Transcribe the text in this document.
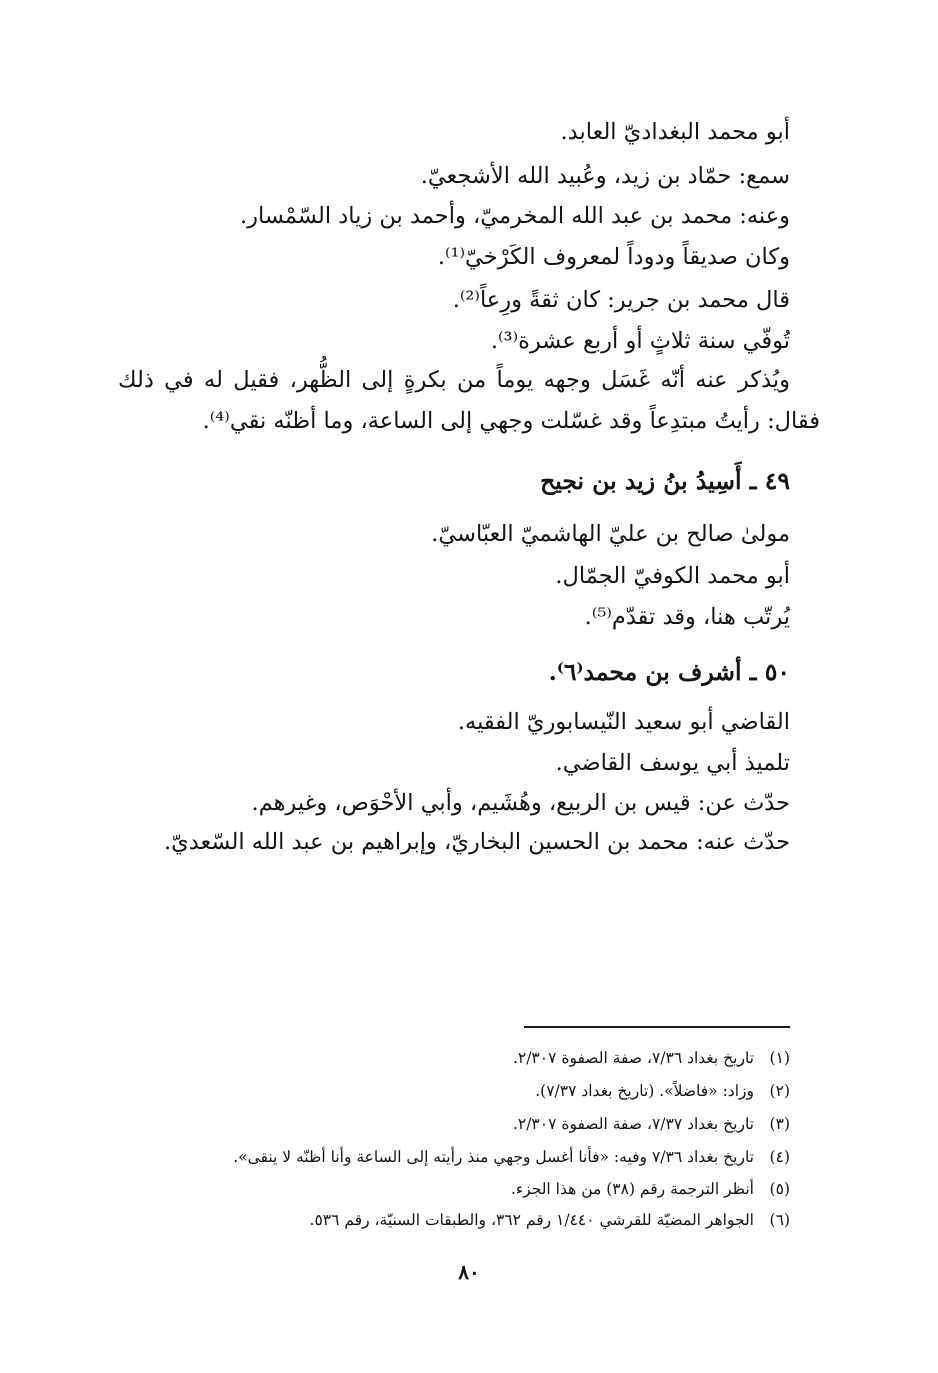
أبو محمد البغداديّ العابد.
سمع: حمّاد بن زيد، وعُبيد الله الأشجعيّ.
وعنه: محمد بن عبد الله المخرميّ، وأحمد بن زياد السّمْسار.
وكان صديقاً ودوداً لمعروف الكَرْخيّ⁽¹⁾.
قال محمد بن جرير: كان ثقةً ورِعاً⁽²⁾.
تُوفّي سنة ثلاثٍ أو أربع عشرة⁽³⁾.
ويُذكر عنه أنّه غَسَل وجهه يوماً من بكرةٍ إلى الظُّهر، فقيل له في ذلك
فقال: رأيتُ مبتدِعاً وقد غسّلت وجهي إلى الساعة، وما أظنّه نقي⁽⁴⁾.
٤٩ ـ أَسِيدُ بنُ زيد بن نجيح
مولىٰ صالح بن عليّ الهاشميّ العبّاسيّ.
أبو محمد الكوفيّ الجمّال.
يُرتّب هنا، وقد تقدّم⁽⁵⁾.
٥٠ ـ أشرف بن محمد⁽٦⁾.
القاضي أبو سعيد النّيسابوريّ الفقيه.
تلميذ أبي يوسف القاضي.
حدّث عن: قيس بن الربيع، وهُشَيم، وأبي الأحْوَص، وغيرهم.
حدّث عنه: محمد بن الحسين البخاريّ، وإبراهيم بن عبد الله السّعديّ.
(١)تاريخ بغداد ٧/٣٦، صفة الصفوة ٢/٣٠٧.
(٢)وزاد: «فاضلاً». (تاريخ بغداد ٧/٣٧).
(٣)تاريخ بغداد ٧/٣٧، صفة الصفوة ٢/٣٠٧.
(٤)تاريخ بغداد ٧/٣٦ وفيه: «فأنا أغسل وجهي منذ رأيته إلى الساعة وأنا أظنّه لا ينقى».
(٥)أنظر الترجمة رقم (٣٨) من هذا الجزء.
(٦)الجواهر المضيّة للقرشي ١/٤٤٠ رقم ٣٦٢، والطبقات السنيّة، رقم ٥٣٦.
٨٠
